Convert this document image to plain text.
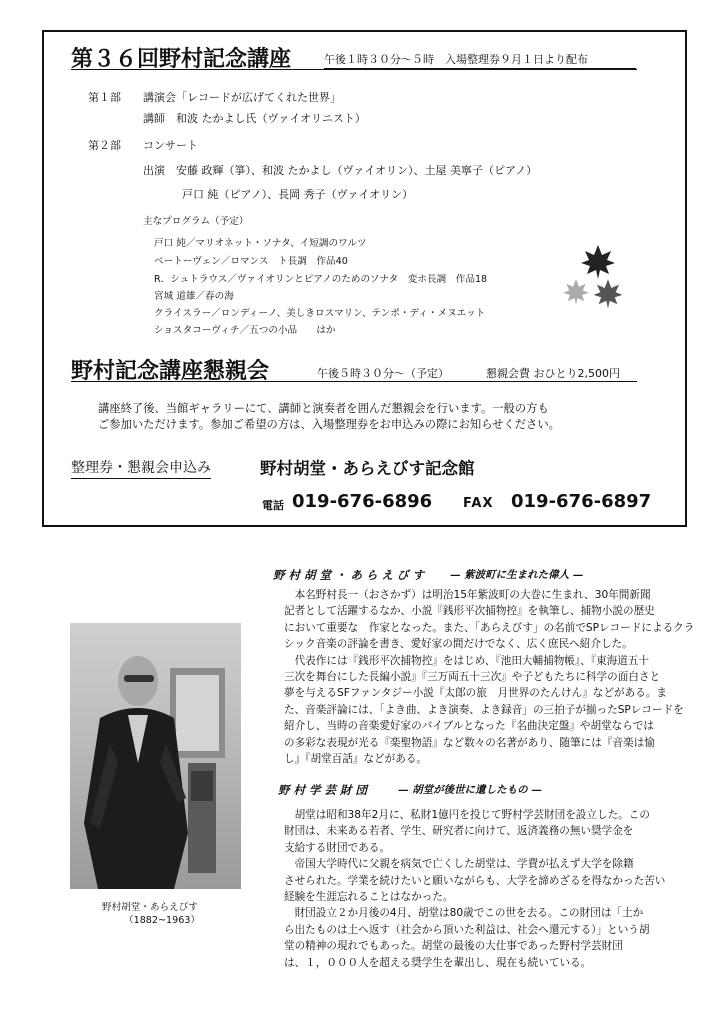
第３６回野村記念講座	午後１時３０分～５時　入場整理券９月１日より配布
第１部 講演会「レコードが広げてくれた世界」
講師　和波 たかよし氏（ヴァイオリニスト）
第２部 コンサート
出演　安藤 政輝（箏）、和波 たかよし（ヴァイオリン）、土屋 美寧子（ピアノ）
戸口 純（ピアノ）、長岡 秀子（ヴァイオリン）
主なプログラム（予定）
戸口 純／マリオネット・ソナタ、イ短調のワルツ
ベートーヴェン／ロマンス　ト長調　作品40
R．シュトラウス／ヴァイオリンとピアノのためのソナタ　変ホ長調　作品18
宮城 道雄／春の海
クライスラー／ロンディーノ、美しきロスマリン、テンポ・ディ・メヌエット
ショスタコーヴィチ／五つの小品　　はか
野村記念講座懇親会	午後５時３０分～（予定）	懇親会費 おひとり2,500円
講座終了後、当館ギャラリーにて、講師と演奏者を囲んだ懇親会を行います。一般の方も
ご参加いただけます。参加ご希望の方は、入場整理券をお申込みの際にお知らせください。
整理券・懇親会申込み	野村胡堂・あらえびす記念館
電話 019-676-6896 FAX 019-676-6897
野村胡堂・あらえびす
（1882~1963）
野 村 胡 堂 ・ あ ら え び す — 紫波町に生まれた偉人 —

　本名野村長一（おさかず）は明治15年紫波町の大巻に生まれ、30年間新聞

記者として活躍するなか、小説『銭形平次捕物控』を執筆し、捕物小説の歴史

において重要な　作家となった。また、「あらえびす」の名前でSPレコードによるクラ

シック音楽の評論を書き、愛好家の間だけでなく、広く庶民へ紹介した。

　代表作には『銭形平次捕物控』をはじめ、『池田大輔捕物帳』、『東海道五十

三次を舞台にした長編小説』『三万両五十三次』や子どもたちに科学の面白さと

夢を与えるSFファンタジー小説『太郎の旅　月世界のたんけん』などがある。ま

た、音楽評論には、「よき曲、よき演奏、よき録音」の三拍子が揃ったSPレコードを

紹介し、当時の音楽愛好家のバイブルとなった『名曲決定盤』や胡堂ならでは

の多彩な表現が光る『楽聖物語』など数々の名著があり、随筆には『音楽は愉

し』『胡堂百話』などがある。

野 村 学 芸 財 団	— 胡堂が後世に遺したもの —

　胡堂は昭和38年2月に、私財1億円を投じて野村学芸財団を設立した。この

財団は、未来ある若者、学生、研究者に向けて、返済義務の無い奨学金を

支給する財団である。

　帝国大学時代に父親を病気で亡くした胡堂は、学費が払えず大学を除籍

させられた。学業を続けたいと願いながらも、大学を諦めざるを得なかった苦い

経験を生涯忘れることはなかった。

　財団設立２か月後の4月、胡堂は80歳でこの世を去る。この財団は「土か

ら出たものは土へ返す（社会から頂いた利益は、社会へ還元する）」という胡

堂の精神の現れでもあった。胡堂の最後の大仕事であった野村学芸財団

は、１，０００人を超える奨学生を輩出し、現在も続いている。
